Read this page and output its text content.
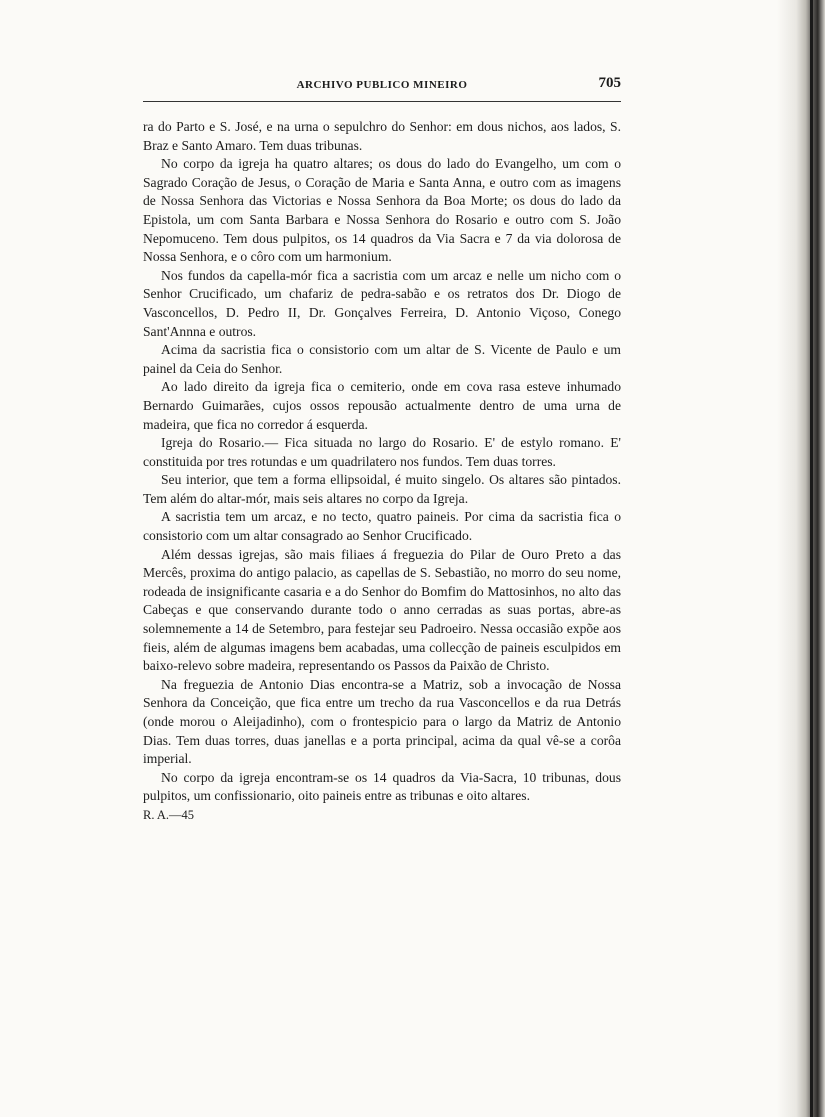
ARCHIVO PUBLICO MINEIRO	705

ra do Parto e S. José, e na urna o sepulchro do Senhor: em dous nichos, aos lados, S. Braz e Santo Amaro. Tem duas tribunas.

No corpo da igreja ha quatro altares; os dous do lado do Evangelho, um com o Sagrado Coração de Jesus, o Coração de Maria e Santa Anna, e outro com as imagens de Nossa Senhora das Victorias e Nossa Senhora da Boa Morte; os dous do lado da Epistola, um com Santa Barbara e Nossa Senhora do Rosario e outro com S. João Nepomuceno. Tem dous pulpitos, os 14 quadros da Via Sacra e 7 da via dolorosa de Nossa Senhora, e o côro com um harmonium.

Nos fundos da capella-mór fica a sacristia com um arcaz e nelle um nicho com o Senhor Crucificado, um chafariz de pedra-sabão e os retratos dos Dr. Diogo de Vasconcellos, D. Pedro II, Dr. Gonçalves Ferreira, D. Antonio Viçoso, Conego Sant'Annna e outros.

Acima da sacristia fica o consistorio com um altar de S. Vicente de Paulo e um painel da Ceia do Senhor.

Ao lado direito da igreja fica o cemiterio, onde em cova rasa esteve inhumado Bernardo Guimarães, cujos ossos repousão actualmente dentro de uma urna de madeira, que fica no corredor á esquerda.

Igreja do Rosario.— Fica situada no largo do Rosario. E' de estylo romano. E' constituida por tres rotundas e um quadrilatero nos fundos. Tem duas torres.

Seu interior, que tem a forma ellipsoidal, é muito singelo. Os altares são pintados. Tem além do altar-mór, mais seis altares no corpo da Igreja.

A sacristia tem um arcaz, e no tecto, quatro paineis. Por cima da sacristia fica o consistorio com um altar consagrado ao Senhor Crucificado.

Além dessas igrejas, são mais filiaes á freguezia do Pilar de Ouro Preto a das Mercês, proxima do antigo palacio, as capellas de S. Sebastião, no morro do seu nome, rodeada de insignificante casaria e a do Senhor do Bomfim do Mattosinhos, no alto das Cabeças e que conservando durante todo o anno cerradas as suas portas, abre-as solemnemente a 14 de Setembro, para festejar seu Padroeiro. Nessa occasião expõe aos fieis, além de algumas imagens bem acabadas, uma collecção de paineis esculpidos em baixo-relevo sobre madeira, representando os Passos da Paixão de Christo.

Na freguezia de Antonio Dias encontra-se a Matriz, sob a invocação de Nossa Senhora da Conceição, que fica entre um trecho da rua Vasconcellos e da rua Detrás (onde morou o Aleijadinho), com o frontespicio para o largo da Matriz de Antonio Dias. Tem duas torres, duas janellas e a porta principal, acima da qual vê-se a corôa imperial.

No corpo da igreja encontram-se os 14 quadros da Via-Sacra, 10 tribunas, dous pulpitos, um confissionario, oito paineis entre as tribunas e oito altares.

R. A.—45
